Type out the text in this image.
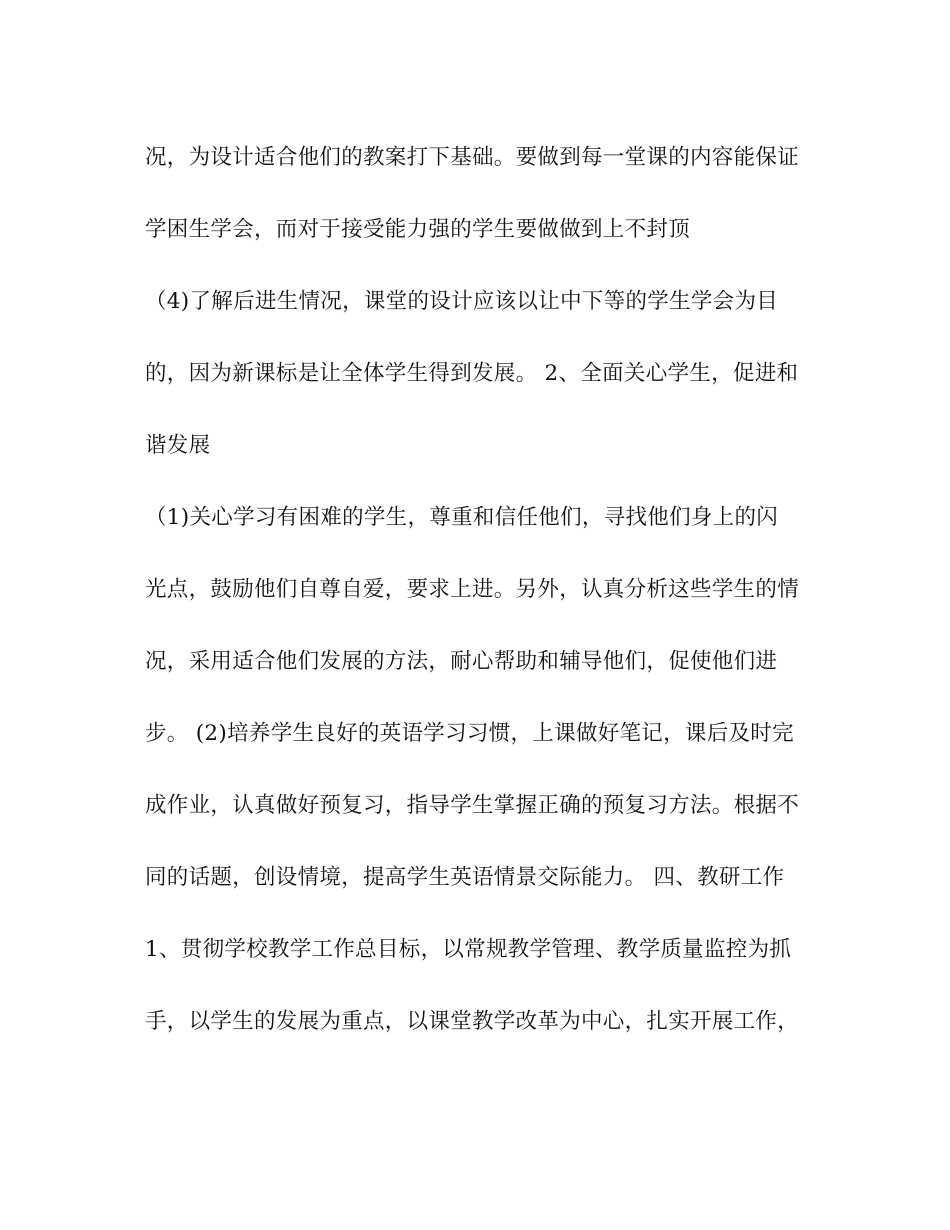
况，为设计适合他们的教案打下基础。要做到每一堂课的内容能保证
学困生学会，而对于接受能力强的学生要做做到上不封顶
（4)了解后进生情况，课堂的设计应该以让中下等的学生学会为目
的，因为新课标是让全体学生得到发展。 2、全面关心学生，促进和
谐发展
（1)关心学习有困难的学生，尊重和信任他们，寻找他们身上的闪
光点，鼓励他们自尊自爱，要求上进。另外，认真分析这些学生的情
况，采用适合他们发展的方法，耐心帮助和辅导他们，促使他们进
步。 (2)培养学生良好的英语学习习惯，上课做好笔记，课后及时完
成作业，认真做好预复习，指导学生掌握正确的预复习方法。根据不
同的话题，创设情境，提高学生英语情景交际能力。 四、教研工作
1、贯彻学校教学工作总目标，以常规教学管理、教学质量监控为抓
手，以学生的发展为重点，以课堂教学改革为中心，扎实开展工作，
